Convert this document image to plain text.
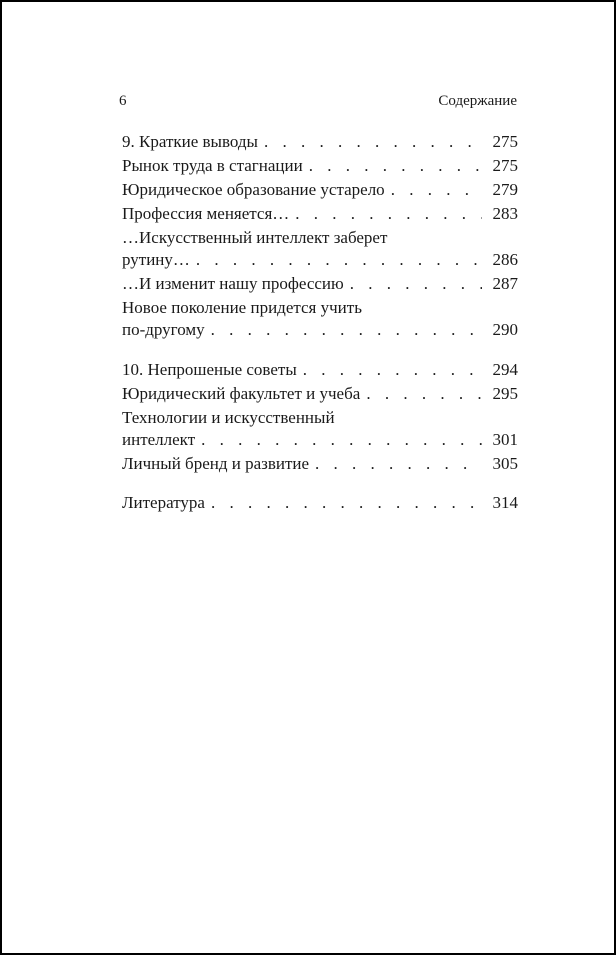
6	Содержание
9. Краткие выводы . . .	275
Рынок труда в стагнации . . .	275
Юридическое образование устарело . . .	279
Профессия меняется… . . .	283
…Искусственный интеллект заберет
рутину… . . .	286
…И изменит нашу профессию . . .	287
Новое поколение придется учить
по-другому . . .	290
10. Непрошеные советы . . .	294
Юридический факультет и учеба . . .	295
Технологии и искусственный
интеллект . . .	301
Личный бренд и развитие . . .	305
Литература . . .	314
